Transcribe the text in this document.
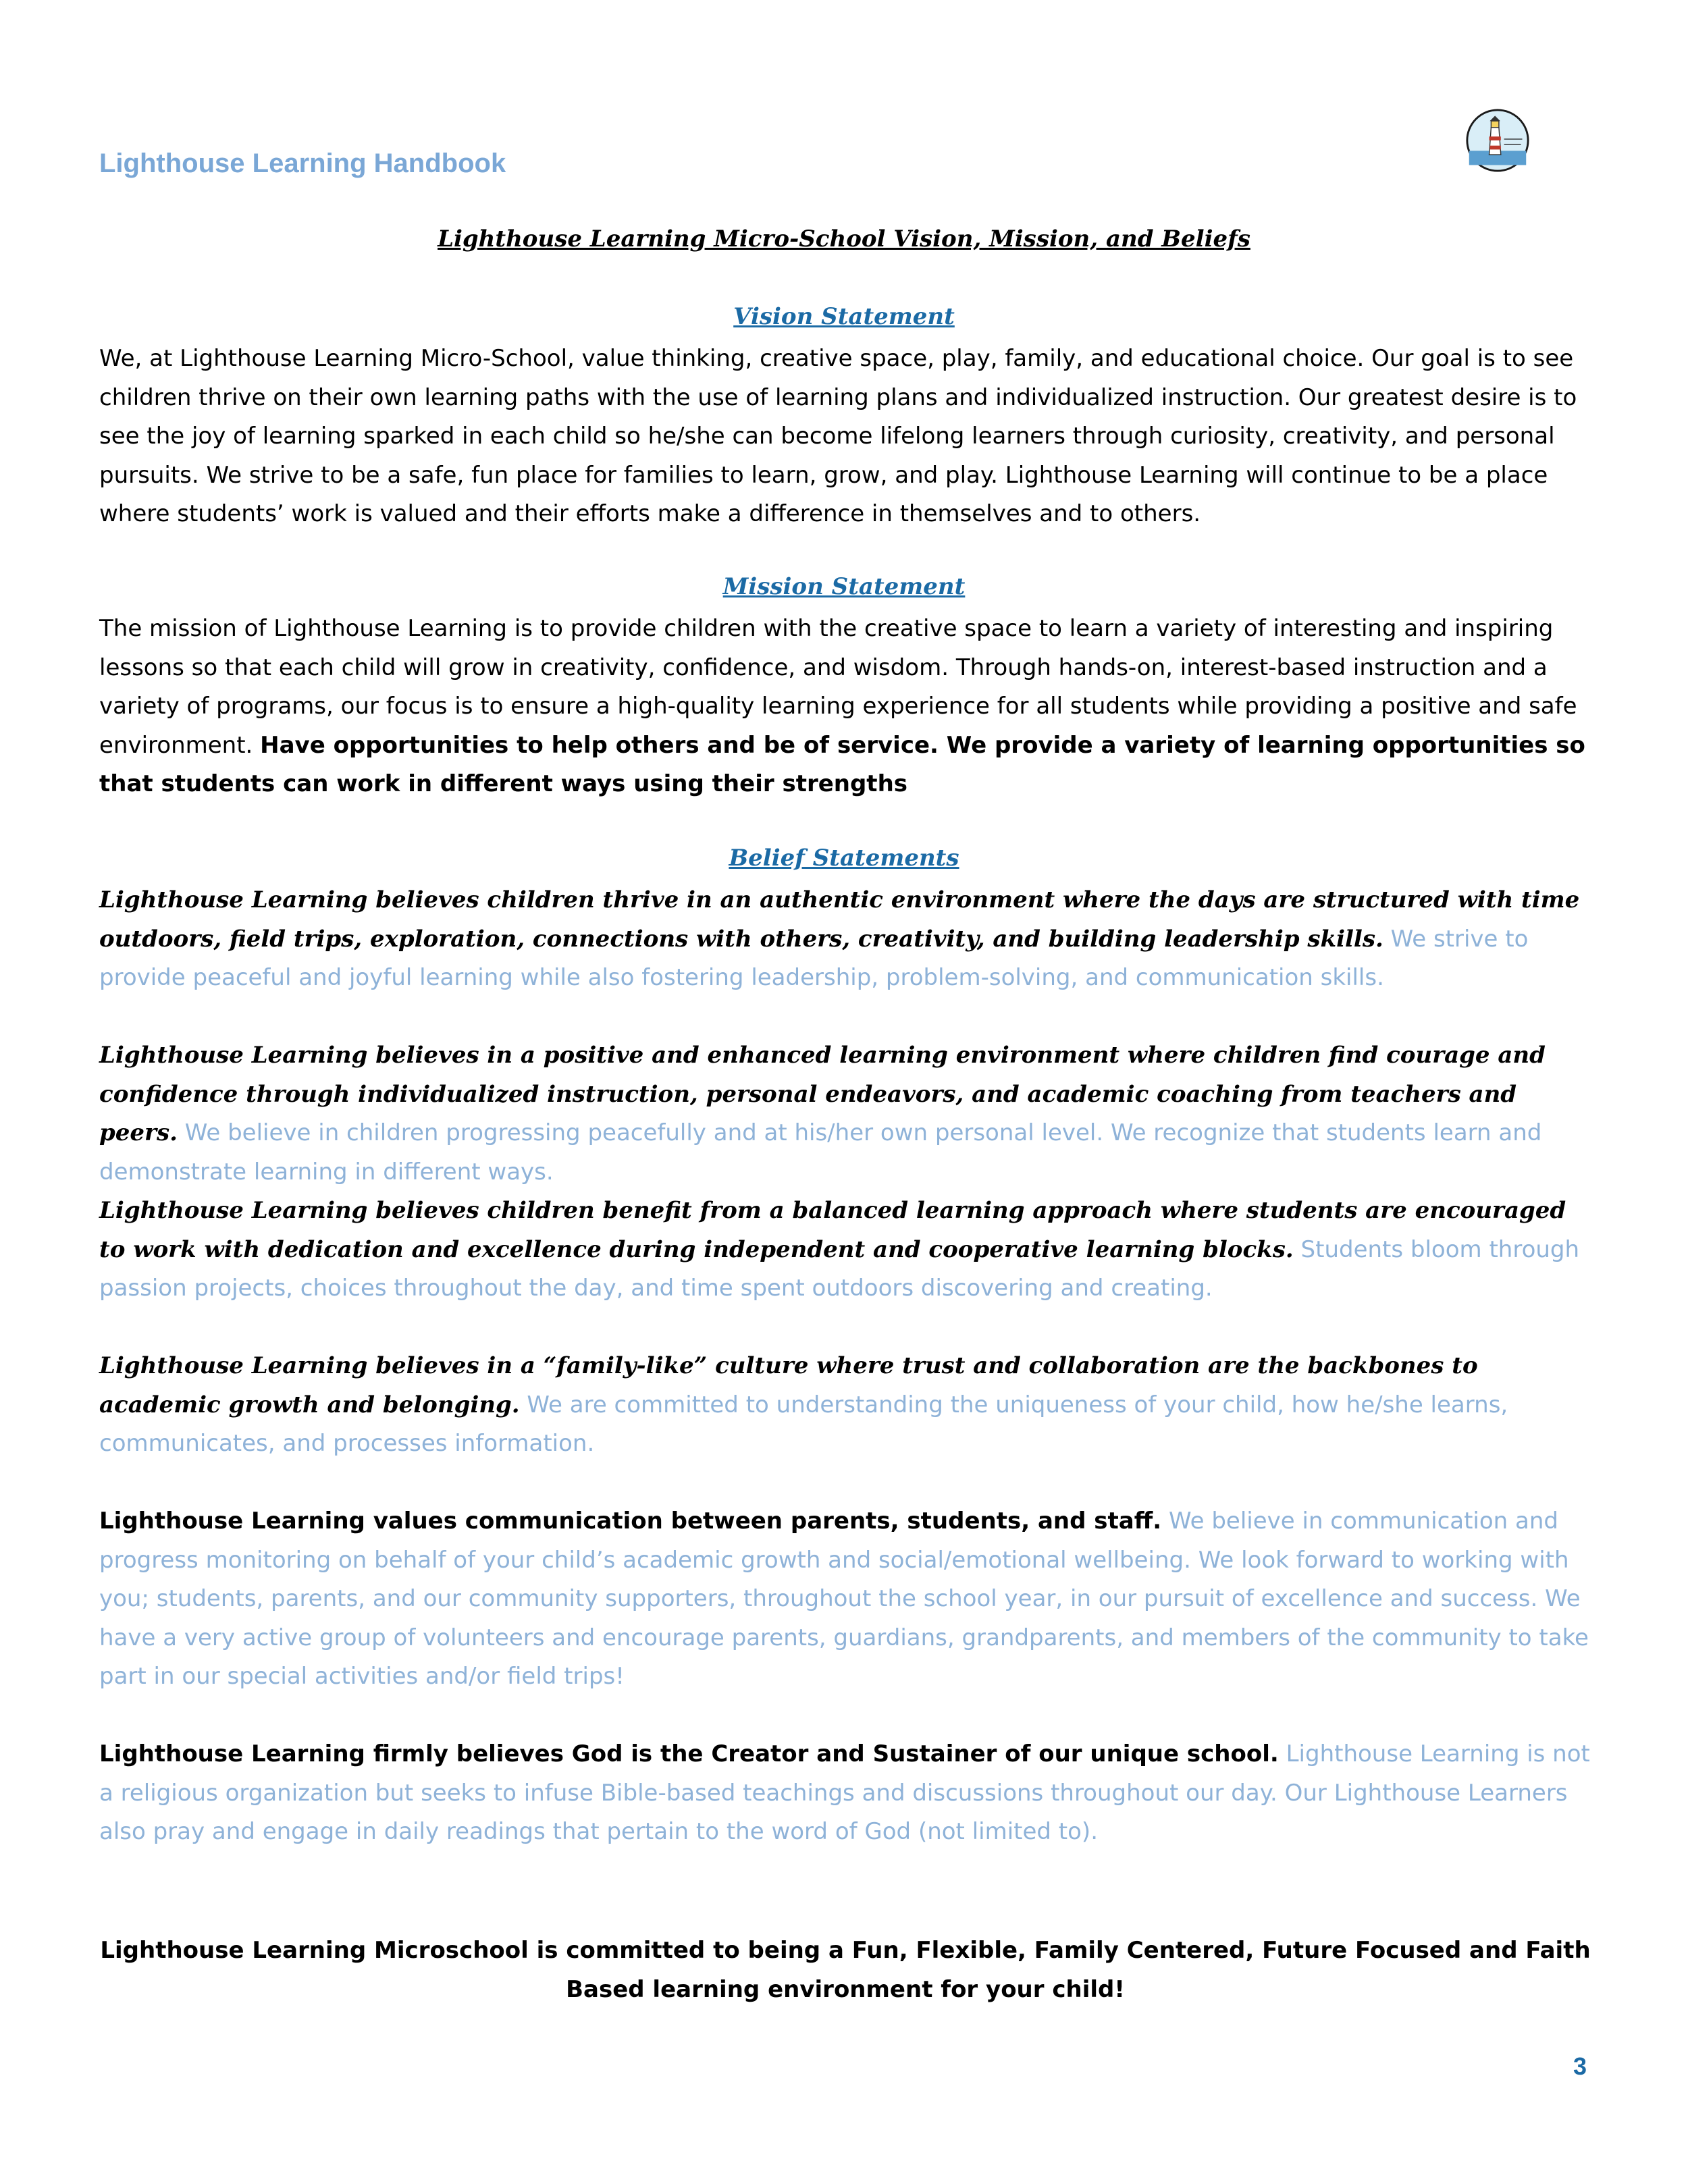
Lighthouse Learning Handbook
Lighthouse Learning Micro-School Vision, Mission, and Beliefs
Vision Statement

We, at Lighthouse Learning Micro-School, value thinking, creative space, play, family, and educational choice. Our goal is to see children thrive on their own learning paths with the use of learning plans and individualized instruction. Our greatest desire is to see the joy of learning sparked in each child so he/she can become lifelong learners through curiosity, creativity, and personal pursuits. We strive to be a safe, fun place for families to learn, grow, and play. Lighthouse Learning will continue to be a place where students’ work is valued and their efforts make a difference in themselves and to others.

Mission Statement

The mission of Lighthouse Learning is to provide children with the creative space to learn a variety of interesting and inspiring lessons so that each child will grow in creativity, confidence, and wisdom. Through hands-on, interest-based instruction and a variety of programs, our focus is to ensure a high-quality learning experience for all students while providing a positive and safe environment. Have opportunities to help others and be of service. We provide a variety of learning opportunities so that students can work in different ways using their strengths

Belief Statements

Lighthouse Learning believes children thrive in an authentic environment where the days are structured with time outdoors, field trips, exploration, connections with others, creativity, and building leadership skills. We strive to provide peaceful and joyful learning while also fostering leadership, problem-solving, and communication skills.

Lighthouse Learning believes in a positive and enhanced learning environment where children find courage and confidence through individualized instruction, personal endeavors, and academic coaching from teachers and peers. We believe in children progressing peacefully and at his/her own personal level. We recognize that students learn and demonstrate learning in different ways.

Lighthouse Learning believes children benefit from a balanced learning approach where students are encouraged to work with dedication and excellence during independent and cooperative learning blocks. Students bloom through passion projects, choices throughout the day, and time spent outdoors discovering and creating.

Lighthouse Learning believes in a “family-like” culture where trust and collaboration are the backbones to academic growth and belonging. We are committed to understanding the uniqueness of your child, how he/she learns, communicates, and processes information.

Lighthouse Learning values communication between parents, students, and staff. We believe in communication and progress monitoring on behalf of your child’s academic growth and social/emotional wellbeing. We look forward to working with you; students, parents, and our community supporters, throughout the school year, in our pursuit of excellence and success. We have a very active group of volunteers and encourage parents, guardians, grandparents, and members of the community to take part in our special activities and/or field trips!

Lighthouse Learning firmly believes God is the Creator and Sustainer of our unique school. Lighthouse Learning is not a religious organization but seeks to infuse Bible-based teachings and discussions throughout our day. Our Lighthouse Learners also pray and engage in daily readings that pertain to the word of God (not limited to).

Lighthouse Learning Microschool is committed to being a Fun, Flexible, Family Centered, Future Focused and Faith Based learning environment for your child!

3
